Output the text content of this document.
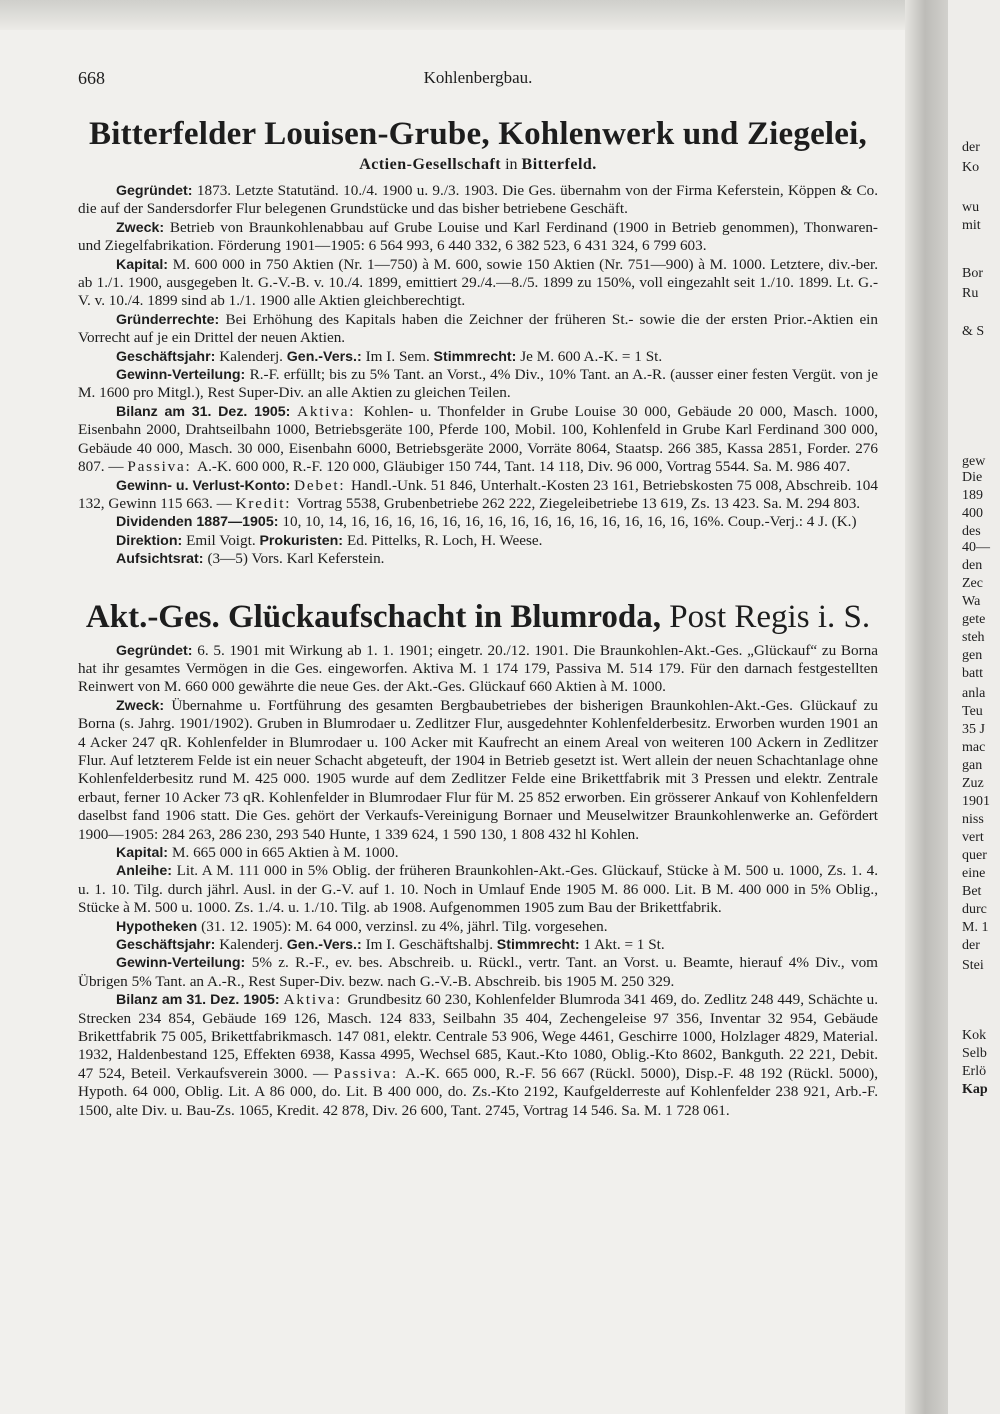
der
Ko
wu
mit
Bor
Ru
& S
gew
Die
189
400
des
40—
den
Zec
Wa
gete
steh
gen
batt
anla
Teu
35 J
mac
gan
Zuz
1901
niss
vert
quer
eine
Bet
durc
M. 1
der
Stei
Kok
Selb
Erlö
Kap
668	Kohlenbergbau.
Bitterfelder Louisen-Grube, Kohlenwerk und Ziegelei,
Actien-Gesellschaft in Bitterfeld.

Gegründet: 1873. Letzte Statutänd. 10./4. 1900 u. 9./3. 1903. Die Ges. übernahm von der Firma Keferstein, Köppen & Co. die auf der Sandersdorfer Flur belegenen Grundstücke und das bisher betriebene Geschäft.

Zweck: Betrieb von Braunkohlenabbau auf Grube Louise und Karl Ferdinand (1900 in Betrieb genommen), Thonwaren- und Ziegelfabrikation. Förderung 1901—1905: 6 564 993, 6 440 332, 6 382 523, 6 431 324, 6 799 603.

Kapital: M. 600 000 in 750 Aktien (Nr. 1—750) à M. 600, sowie 150 Aktien (Nr. 751—900) à M. 1000. Letztere, div.-ber. ab 1./1. 1900, ausgegeben lt. G.-V.-B. v. 10./4. 1899, emittiert 29./4.—8./5. 1899 zu 150%, voll eingezahlt seit 1./10. 1899. Lt. G.-V. v. 10./4. 1899 sind ab 1./1. 1900 alle Aktien gleichberechtigt.

Gründerrechte: Bei Erhöhung des Kapitals haben die Zeichner der früheren St.- sowie die der ersten Prior.-Aktien ein Vorrecht auf je ein Drittel der neuen Aktien.

Geschäftsjahr: Kalenderj. Gen.-Vers.: Im I. Sem. Stimmrecht: Je M. 600 A.-K. = 1 St.

Gewinn-Verteilung: R.-F. erfüllt; bis zu 5% Tant. an Vorst., 4% Div., 10% Tant. an A.-R. (ausser einer festen Vergüt. von je M. 1600 pro Mitgl.), Rest Super-Div. an alle Aktien zu gleichen Teilen.

Bilanz am 31. Dez. 1905: Aktiva: Kohlen- u. Thonfelder in Grube Louise 30 000, Gebäude 20 000, Masch. 1000, Eisenbahn 2000, Drahtseilbahn 1000, Betriebsgeräte 100, Pferde 100, Mobil. 100, Kohlenfeld in Grube Karl Ferdinand 300 000, Gebäude 40 000, Masch. 30 000, Eisenbahn 6000, Betriebsgeräte 2000, Vorräte 8064, Staatsp. 266 385, Kassa 2851, Forder. 276 807. — Passiva: A.-K. 600 000, R.-F. 120 000, Gläubiger 150 744, Tant. 14 118, Div. 96 000, Vortrag 5544. Sa. M. 986 407.

Gewinn- u. Verlust-Konto: Debet: Handl.-Unk. 51 846, Unterhalt.-Kosten 23 161, Betriebskosten 75 008, Abschreib. 104 132, Gewinn 115 663. — Kredit: Vortrag 5538, Grubenbetriebe 262 222, Ziegeleibetriebe 13 619, Zs. 13 423. Sa. M. 294 803.

Dividenden 1887—1905: 10, 10, 14, 16, 16, 16, 16, 16, 16, 16, 16, 16, 16, 16, 16, 16, 16, 16, 16%. Coup.-Verj.: 4 J. (K.)

Direktion: Emil Voigt. Prokuristen: Ed. Pittelks, R. Loch, H. Weese.

Aufsichtsrat: (3—5) Vors. Karl Keferstein.

Akt.-Ges. Glückaufschacht in Blumroda, Post Regis i. S.

Gegründet: 6. 5. 1901 mit Wirkung ab 1. 1. 1901; eingetr. 20./12. 1901. Die Braunkohlen-Akt.-Ges. „Glückauf“ zu Borna hat ihr gesamtes Vermögen in die Ges. eingeworfen. Aktiva M. 1 174 179, Passiva M. 514 179. Für den darnach festgestellten Reinwert von M. 660 000 gewährte die neue Ges. der Akt.-Ges. Glückauf 660 Aktien à M. 1000.

Zweck: Übernahme u. Fortführung des gesamten Bergbaubetriebes der bisherigen Braunkohlen-Akt.-Ges. Glückauf zu Borna (s. Jahrg. 1901/1902). Gruben in Blumrodaer u. Zedlitzer Flur, ausgedehnter Kohlenfelderbesitz. Erworben wurden 1901 an 4 Acker 247 qR. Kohlenfelder in Blumrodaer u. 100 Acker mit Kaufrecht an einem Areal von weiteren 100 Ackern in Zedlitzer Flur. Auf letzterem Felde ist ein neuer Schacht abgeteuft, der 1904 in Betrieb gesetzt ist. Wert allein der neuen Schachtanlage ohne Kohlenfelderbesitz rund M. 425 000. 1905 wurde auf dem Zedlitzer Felde eine Brikettfabrik mit 3 Pressen und elektr. Zentrale erbaut, ferner 10 Acker 73 qR. Kohlenfelder in Blumrodaer Flur für M. 25 852 erworben. Ein grösserer Ankauf von Kohlenfeldern daselbst fand 1906 statt. Die Ges. gehört der Verkaufs-Vereinigung Bornaer und Meuselwitzer Braunkohlenwerke an. Gefördert 1900—1905: 284 263, 286 230, 293 540 Hunte, 1 339 624, 1 590 130, 1 808 432 hl Kohlen.

Kapital: M. 665 000 in 665 Aktien à M. 1000.

Anleihe: Lit. A M. 111 000 in 5% Oblig. der früheren Braunkohlen-Akt.-Ges. Glückauf, Stücke à M. 500 u. 1000, Zs. 1. 4. u. 1. 10. Tilg. durch jährl. Ausl. in der G.-V. auf 1. 10. Noch in Umlauf Ende 1905 M. 86 000. Lit. B M. 400 000 in 5% Oblig., Stücke à M. 500 u. 1000. Zs. 1./4. u. 1./10. Tilg. ab 1908. Aufgenommen 1905 zum Bau der Brikettfabrik.

Hypotheken (31. 12. 1905): M. 64 000, verzinsl. zu 4%, jährl. Tilg. vorgesehen.

Geschäftsjahr: Kalenderj. Gen.-Vers.: Im I. Geschäftshalbj. Stimmrecht: 1 Akt. = 1 St.

Gewinn-Verteilung: 5% z. R.-F., ev. bes. Abschreib. u. Rückl., vertr. Tant. an Vorst. u. Beamte, hierauf 4% Div., vom Übrigen 5% Tant. an A.-R., Rest Super-Div. bezw. nach G.-V.-B. Abschreib. bis 1905 M. 250 329.

Bilanz am 31. Dez. 1905: Aktiva: Grundbesitz 60 230, Kohlenfelder Blumroda 341 469, do. Zedlitz 248 449, Schächte u. Strecken 234 854, Gebäude 169 126, Masch. 124 833, Seilbahn 35 404, Zechengeleise 97 356, Inventar 32 954, Gebäude Brikettfabrik 75 005, Brikettfabrikmasch. 147 081, elektr. Centrale 53 906, Wege 4461, Geschirre 1000, Holzlager 4829, Material. 1932, Haldenbestand 125, Effekten 6938, Kassa 4995, Wechsel 685, Kaut.-Kto 1080, Oblig.-Kto 8602, Bankguth. 22 221, Debit. 47 524, Beteil. Verkaufsverein 3000. — Passiva: A.-K. 665 000, R.-F. 56 667 (Rückl. 5000), Disp.-F. 48 192 (Rückl. 5000), Hypoth. 64 000, Oblig. Lit. A 86 000, do. Lit. B 400 000, do. Zs.-Kto 2192, Kaufgelderreste auf Kohlenfelder 238 921, Arb.-F. 1500, alte Div. u. Bau-Zs. 1065, Kredit. 42 878, Div. 26 600, Tant. 2745, Vortrag 14 546. Sa. M. 1 728 061.
